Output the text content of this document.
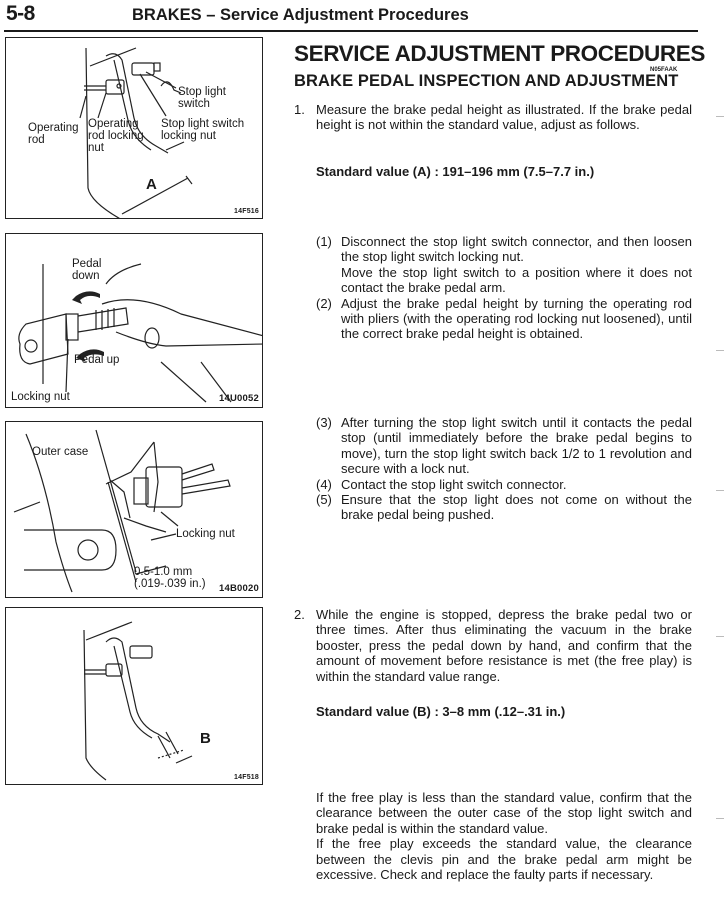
5-8	BRAKES – Service Adjustment Procedures
Stop light
switch
Operating
rod
Operating
rod locking
nut
Stop light switch
locking nut
A
14F516
Pedal
down
Pedal up
Locking nut	14U0052
Outer case
Locking nut
0.5-1.0 mm
(.019-.039 in.) 14B0020
B
14F518
SERVICE ADJUSTMENT PROCEDURES
N05FAAK
BRAKE PEDAL INSPECTION AND ADJUSTMENT
1. Measure the brake pedal height as illustrated. If the brake pedal height is not within the standard value, adjust as follows.
Standard value (A) : 191–196 mm (7.5–7.7 in.)
(1) Disconnect the stop light switch connector, and then loosen the stop light switch locking nut.
Move the stop light switch to a position where it does not contact the brake pedal arm.
(2) Adjust the brake pedal height by turning the operating rod with pliers (with the operating rod locking nut loosened), until the correct brake pedal height is obtained.
(3) After turning the stop light switch until it contacts the pedal stop (until immediately before the brake pedal begins to move), turn the stop light switch back 1/2 to 1 revolution and secure with a lock nut.
(4) Contact the stop light switch connector.
(5) Ensure that the stop light does not come on without the brake pedal being pushed.
2. While the engine is stopped, depress the brake pedal two or three times. After thus eliminating the vacuum in the brake booster, press the pedal down by hand, and confirm that the amount of movement before resistance is met (the free play) is within the standard value range.
Standard value (B) : 3–8 mm (.12–.31 in.)
If the free play is less than the standard value, confirm that the clearance between the outer case of the stop light switch and brake pedal is within the standard value.
If the free play exceeds the standard value, the clearance between the clevis pin and the brake pedal arm might be excessive. Check and replace the faulty parts if necessary.
